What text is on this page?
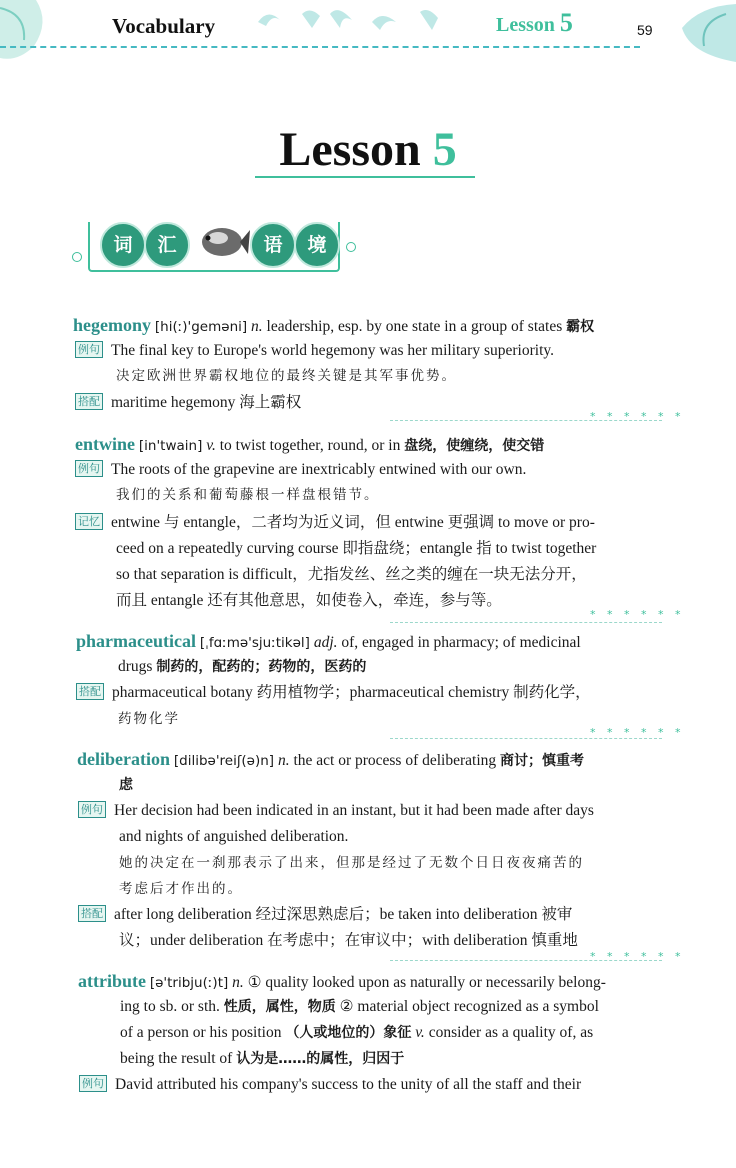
Vocabulary	Lesson 5	59
Lesson 5
词	汇	语	境
hegemony [hi(ː)'geməni] n. leadership, esp. by one state in a group of states 霸权
例句 The final key to Europe's world hegemony was her military superiority.
决定欧洲世界霸权地位的最终关键是其军事优势。
搭配 maritime hegemony 海上霸权
* * * * * *
entwine [in'twain] v. to twist together, round, or in 盘绕，使缠绕，使交错
例句 The roots of the grapevine are inextricably entwined with our own.
我们的关系和葡萄藤根一样盘根错节。
记忆 entwine 与 entangle，二者均为近义词，但 entwine 更强调 to move or pro-
ceed on a repeatedly curving course 即指盘绕；entangle 指 to twist together
so that separation is difficult，尤指发丝、丝之类的缠在一块无法分开，
而且 entangle 还有其他意思，如使卷入，牵连，参与等。
* * * * * *
pharmaceutical [ˌfɑːmə'sjuːtikəl] adj. of, engaged in pharmacy; of medicinal
drugs 制药的，配药的；药物的，医药的
搭配 pharmaceutical botany 药用植物学；pharmaceutical chemistry 制药化学，
药物化学
* * * * * *
deliberation [dilibə'reiʃ(ə)n] n. the act or process of deliberating 商讨；慎重考
虑
例句 Her decision had been indicated in an instant, but it had been made after days
and nights of anguished deliberation.
她的决定在一刹那表示了出来，但那是经过了无数个日日夜夜痛苦的
考虑后才作出的。
搭配 after long deliberation 经过深思熟虑后；be taken into deliberation 被审
议；under deliberation 在考虑中；在审议中；with deliberation 慎重地
* * * * * *
attribute [ə'tribju(ː)t] n. ① quality looked upon as naturally or necessarily belong-
ing to sb. or sth. 性质，属性，物质 ② material object recognized as a symbol
of a person or his position （人或地位的）象征 v. consider as a quality of, as
being the result of 认为是……的属性，归因于
例句 David attributed his company's success to the unity of all the staff and their
